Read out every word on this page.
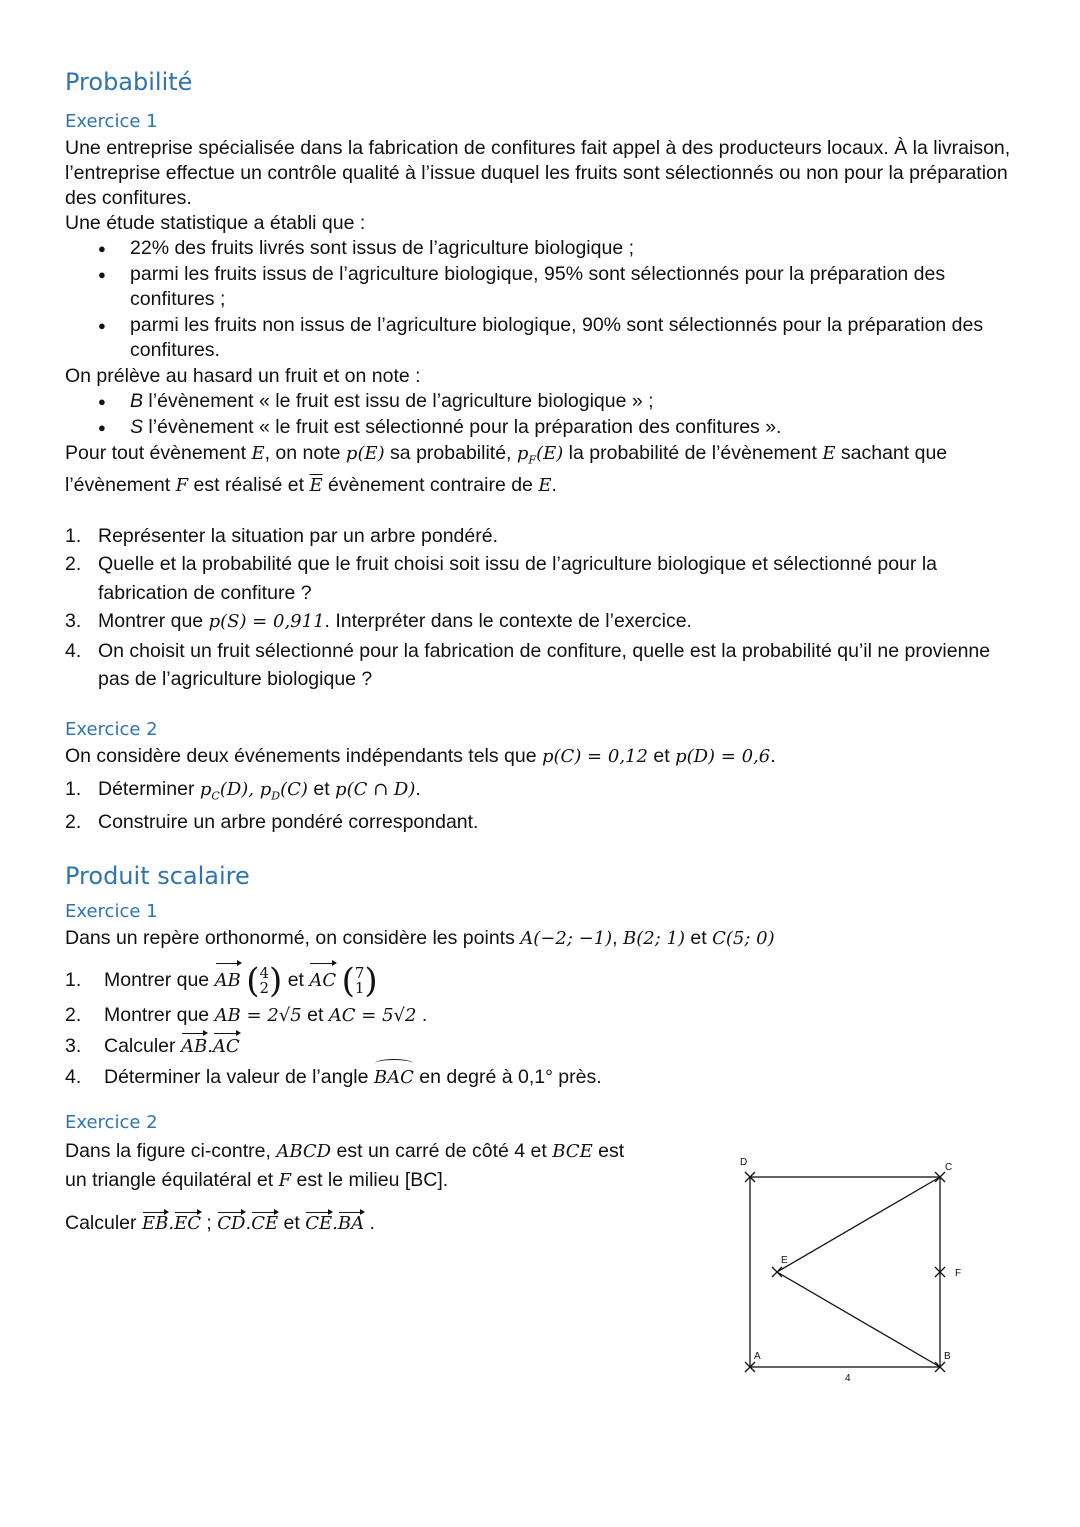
Probabilité
Exercice 1

Une entreprise spécialisée dans la fabrication de confitures fait appel à des producteurs locaux. À la livraison, l’entreprise effectue un contrôle qualité à l’issue duquel les fruits sont sélectionnés ou non pour la préparation des confitures.

Une étude statistique a établi que :

● 22% des fruits livrés sont issus de l’agriculture biologique ;
● parmi les fruits issus de l’agriculture biologique, 95% sont sélectionnés pour la préparation des confitures ;
● parmi les fruits non issus de l’agriculture biologique, 90% sont sélectionnés pour la préparation des confitures.

On prélève au hasard un fruit et on note :

● B l’évènement « le fruit est issu de l’agriculture biologique » ;
● S l’évènement « le fruit est sélectionné pour la préparation des confitures ».

Pour tout évènement E, on note p(E) sa probabilité, $p_F(E)$ la probabilité de l’évènement E sachant que l’évènement F est réalisé et $\overline{E}$ évènement contraire de E.

1. Représenter la situation par un arbre pondéré.
2. Quelle et la probabilité que le fruit choisi soit issu de l’agriculture biologique et sélectionné pour la fabrication de confiture ?
3. Montrer que p(S) = 0,911. Interpréter dans le contexte de l’exercice.
4. On choisit un fruit sélectionné pour la fabrication de confiture, quelle est la probabilité qu’il ne provienne pas de l’agriculture biologique ?
Exercice 2

On considère deux événements indépendants tels que p(C) = 0,12 et p(D) = 0,6.

1. Déterminer $p_C(D)$, $p_D(C)$ et p(C ∩ D).
2. Construire un arbre pondéré correspondant.
Produit scalaire
Exercice 1

Dans un repère orthonormé, on considère les points A(−2; −1), B(2; 1) et C(5; 0)

1. Montrer que AB ( 4
2 ) et AC ( 7
1 )
2. Montrer que AB = 2√5 et AC = 5√2 .
3. Calculer AB.AC
4. Déterminer la valeur de l’angle BAC en degré à 0,1° près.
Exercice 2

Dans la figure ci-contre, ABCD est un carré de côté 4 et BCE est
un triangle équilatéral et F est le milieu [BC].

Calculer EB.EC ; CD.CE et CE.BA .

D	C
A	B
E
F
4
